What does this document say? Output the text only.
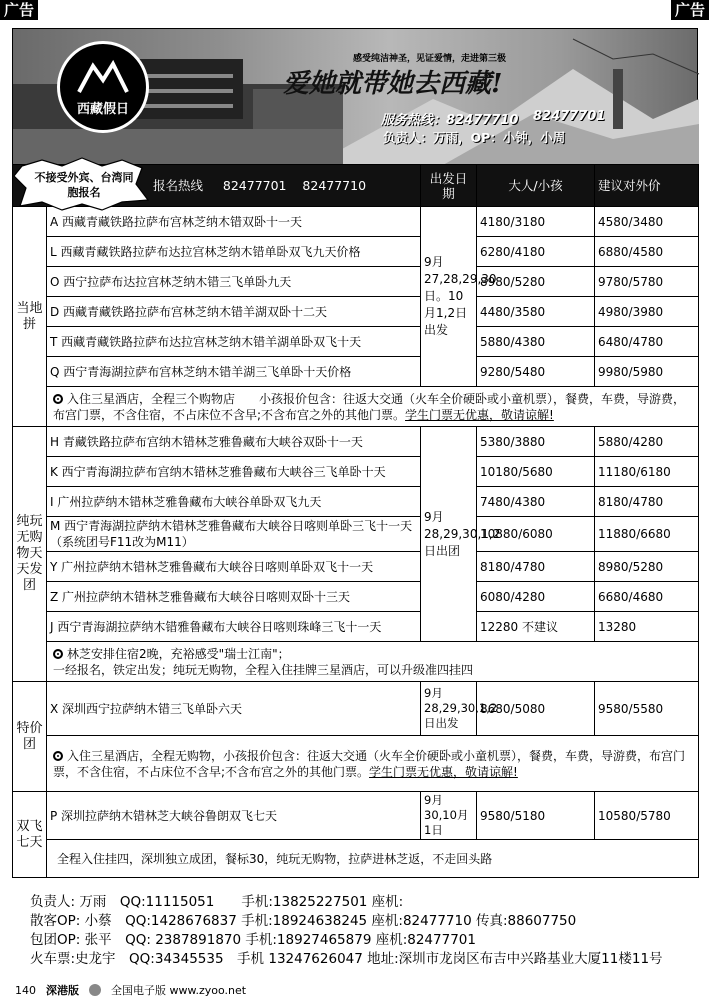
广告	广告
西藏假日
感受纯洁神圣，见证爱情，走进第三极
爱她就带她去西藏!
服务热线：82477710 82477701
负责人：万雨，OP：小钟，小周
报名热线 82477701 82477710		出发日期	大人/小孩	建议对外价
当地拼	A 西藏青藏铁路拉萨布宫林芝纳木错双卧十一天	9月27,28,29,30日。10月1,2日出发	4180/3180	4580/3480
	L 西藏青藏铁路拉萨布达拉宫林芝纳木错单卧双飞九天价格		6280/4180	6880/4580
	O 西宁拉萨布达拉宫林芝纳木错三飞单卧九天		8980/5280	9780/5780
	D 西藏青藏铁路拉萨布宫林芝纳木错羊湖双卧十二天		4480/3580	4980/3980
	T 西藏青藏铁路拉萨布达拉宫林芝纳木错羊湖单卧双飞十天		5880/4380	6480/4780
	Q 西宁青海湖拉萨布宫林芝纳木错羊湖三飞单卧十天价格		9280/5480	9980/5980
	入住三星酒店，全程三个购物店　　小孩报价包含：往返大交通（火车全价硬卧或小童机票），餐费，车费，导游费，布宫门票，不含住宿，不占床位不含早;不含布宫之外的其他门票。学生门票无优惠，敬请谅解!			
纯玩无购物天天发团	H 青藏铁路拉萨布宫纳木错林芝雅鲁藏布大峡谷双卧十一天	9月28,29,30,1,2日出团	5380/3880	5880/4280
	K 西宁青海湖拉萨布宫纳木错林芝雅鲁藏布大峡谷三飞单卧十天		10180/5680	11180/6180
	I 广州拉萨纳木错林芝雅鲁藏布大峡谷单卧双飞九天		7480/4380	8180/4780
	M 西宁青海湖拉萨纳木错林芝雅鲁藏布大峡谷日喀则单卧三飞十一天　（系统团号F11改为M11）		10880/6080	11880/6680
	Y 广州拉萨纳木错林芝雅鲁藏布大峡谷日喀则单卧双飞十一天		8180/4780	8980/5280
	Z 广州拉萨纳木错林芝雅鲁藏布大峡谷日喀则双卧十三天		6080/4280	6680/4680
	J 西宁青海湖拉萨纳木错雅鲁藏布大峡谷日喀则珠峰三飞十一天		12280 不建议	13280
	林芝安排住宿2晚，充裕感受"瑞士江南"；
一经报名，铁定出发；纯玩无购物，全程入住挂牌三星酒店，可以升级准四挂四			
特价团	X 深圳西宁拉萨纳木错三飞单卧六天	9月28,29,30,1,2日出发	8680/5080	9580/5580
	入住三星酒店，全程无购物，小孩报价包含：往返大交通（火车全价硬卧或小童机票），餐费，车费，导游费，布宫门票，不含住宿，不占床位不含早;不含布宫之外的其他门票。学生门票无优惠，敬请谅解!			
双飞七天	P 深圳拉萨纳木错林芝大峡谷鲁朗双飞七天	9月30,10月1日	9580/5180	10580/5780
	全程入住挂四，深圳独立成团，餐标30，纯玩无购物，拉萨进林芝返，不走回头路			
不接受外宾、台湾同胞报名
负责人: 万雨　QQ:11115051　　手机:13825227501 座机:
散客OP: 小蔡　QQ:1428676837 手机:18924638245 座机:82477710 传真:88607750
包团OP: 张平　QQ: 2387891870 手机:18927465879 座机:82477701
火车票:史龙宇　QQ:34345535　手机 13247626047 地址:深圳市龙岗区布吉中兴路基业大厦11楼11号
140 深港版	全国电子版 www.zyoo.net
